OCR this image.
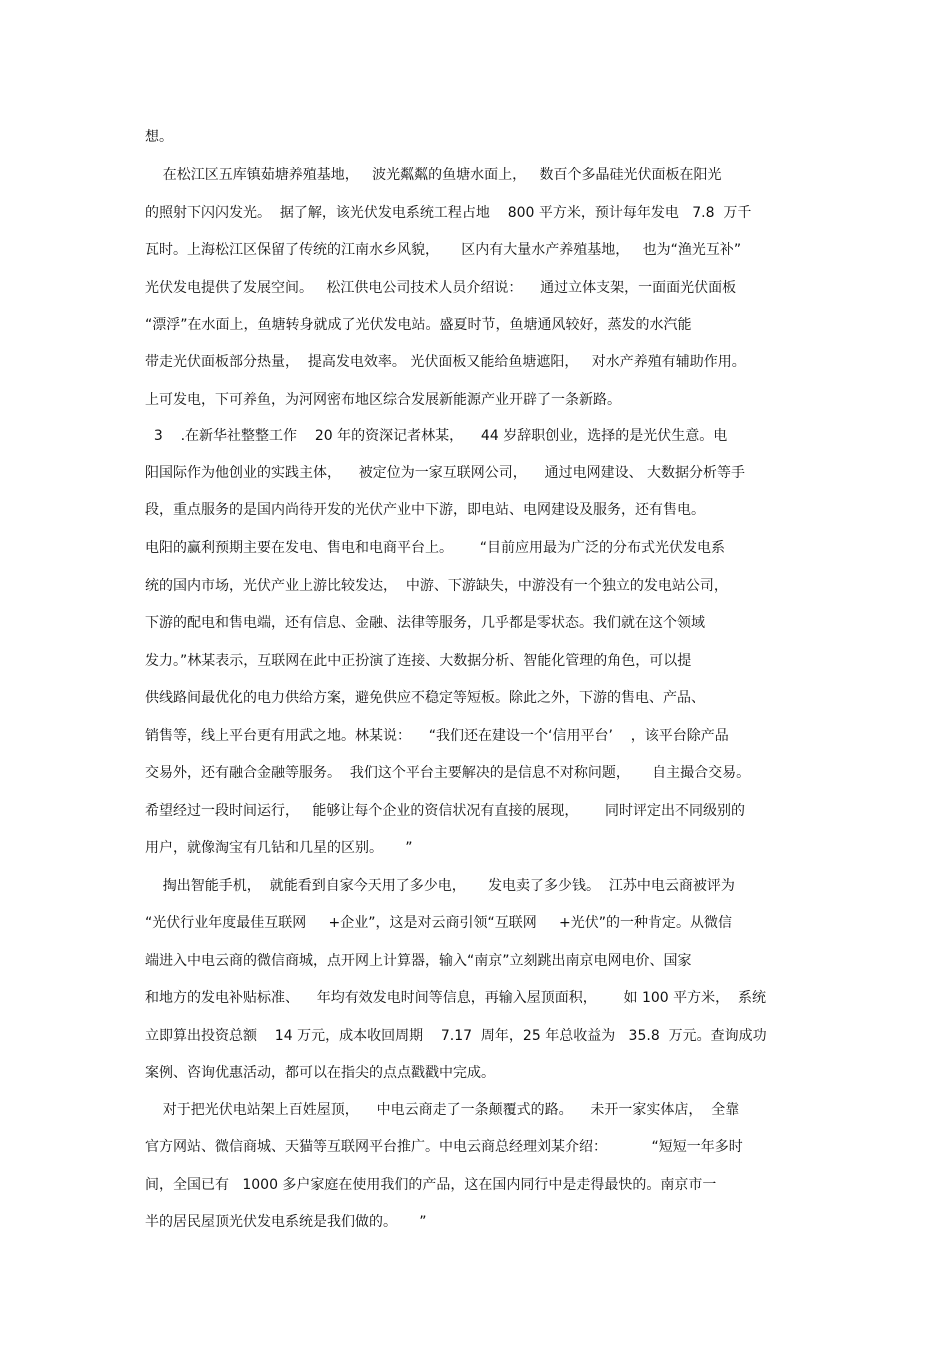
想。
在松江区五库镇茹塘养殖基地，   波光粼粼的鱼塘水面上，   数百个多晶硅光伏面板在阳光
的照射下闪闪发光。  据了解，该光伏发电系统工程占地    800 平方米，预计每年发电   7.8  万千
瓦时。上海松江区保留了传统的江南水乡风貌，     区内有大量水产养殖基地，   也为“渔光互补”
光伏发电提供了发展空间。   松江供电公司技术人员介绍说：    通过立体支架，一面面光伏面板
“漂浮”在水面上，鱼塘转身就成了光伏发电站。盛夏时节，鱼塘通风较好，蒸发的水汽能
带走光伏面板部分热量，  提高发电效率。 光伏面板又能给鱼塘遮阳，   对水产养殖有辅助作用。
上可发电，下可养鱼，为河网密布地区综合发展新能源产业开辟了一条新路。
3    .在新华社整整工作    20 年的资深记者林某，    44 岁辞职创业，选择的是光伏生意。电
阳国际作为他创业的实践主体，    被定位为一家互联网公司，    通过电网建设、 大数据分析等手
段，重点服务的是国内尚待开发的光伏产业中下游，即电站、电网建设及服务，还有售电。
电阳的赢利预期主要在发电、售电和电商平台上。      “目前应用最为广泛的分布式光伏发电系
统的国内市场，光伏产业上游比较发达，  中游、下游缺失，中游没有一个独立的发电站公司，
下游的配电和售电端，还有信息、金融、法律等服务，几乎都是零状态。我们就在这个领域
发力。”林某表示，互联网在此中正扮演了连接、大数据分析、智能化管理的角色，可以提
供线路间最优化的电力供给方案，避免供应不稳定等短板。除此之外，下游的售电、产品、
销售等，线上平台更有用武之地。林某说：    “我们还在建设一个‘信用平台’    ，该平台除产品
交易外，还有融合金融等服务。  我们这个平台主要解决的是信息不对称问题，     自主撮合交易。
希望经过一段时间运行，   能够让每个企业的资信状况有直接的展现，      同时评定出不同级别的
用户，就像淘宝有几钻和几星的区别。     ”
掏出智能手机，  就能看到自家今天用了多少电，     发电卖了多少钱。  江苏中电云商被评为
“光伏行业年度最佳互联网     +企业”，这是对云商引领“互联网     +光伏”的一种肯定。从微信
端进入中电云商的微信商城，点开网上计算器，输入“南京”立刻跳出南京电网电价、国家
和地方的发电补贴标准、    年均有效发电时间等信息，再输入屋顶面积，      如 100 平方米，  系统
立即算出投资总额    14 万元，成本收回周期    7.17  周年，25 年总收益为   35.8  万元。查询成功
案例、咨询优惠活动，都可以在指尖的点点戳戳中完成。
对于把光伏电站架上百姓屋顶，    中电云商走了一条颠覆式的路。    未开一家实体店，  全靠
官方网站、微信商城、天猫等互联网平台推广。中电云商总经理刘某介绍：          “短短一年多时
间，全国已有   1000 多户家庭在使用我们的产品，这在国内同行中是走得最快的。南京市一
半的居民屋顶光伏发电系统是我们做的。     ”
